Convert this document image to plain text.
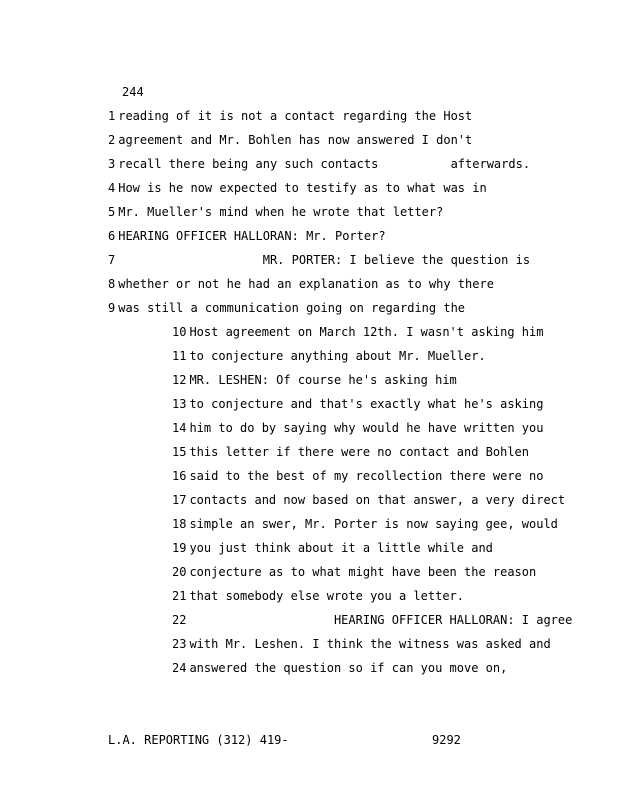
244
1 reading of it is not a contact regarding the Host
2 agreement and Mr. Bohlen has now answered I don't
3 recall there being any such contacts          afterwards.
4 How is he now expected to testify as to what was in
5 Mr. Mueller's mind when he wrote that letter?
6 HEARING OFFICER HALLORAN: Mr. Porter?
7                    MR. PORTER: I believe the question is
8 whether or not he had an explanation as to why there
9 was still a communication going on regarding the
10 Host agreement on March 12th. I wasn't asking him
11 to conjecture anything about Mr. Mueller.
12 MR. LESHEN: Of course he's asking him
13 to conjecture and that's exactly what he's asking
14 him to do by saying why would he have written you
15 this letter if there were no contact and Bohlen
16 said to the best of my recollection there were no
17 contacts and now based on that answer, a very direct
18 simple an swer, Mr. Porter is now saying gee, would
19 you just think about it a little while and
20 conjecture as to what might have been the reason
21 that somebody else wrote you a letter.
22                    HEARING OFFICER HALLORAN: I agree
23 with Mr. Leshen. I think the witness was asked and
24 answered the question so if can you move on,
L.A. REPORTING (312) 419-	9292
